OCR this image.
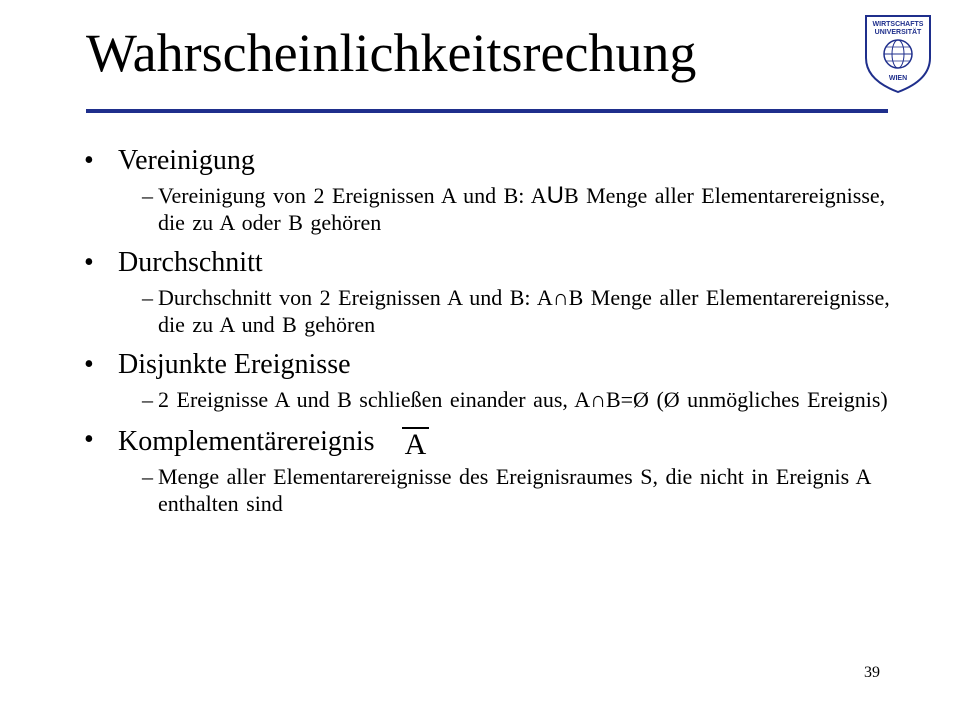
Wahrscheinlichkeitsrechung	WIRTSCHAFTS
UNIVERSITÄT
WIEN
• Vereinigung
– Vereinigung von 2 Ereignissen A und B: AUB Menge aller Elementarereignisse, die zu A oder B gehören
• Durchschnitt
– Durchschnitt von 2 Ereignissen A und B: A∩B Menge aller Elementarereignisse, die zu A und B gehören
• Disjunkte Ereignisse
– 2 Ereignisse A und B schließen einander aus, A∩B=Ø (Ø unmögliches Ereignis)
• Komplementärereignis A
– Menge aller Elementarereignisse des Ereignisraumes S, die nicht in Ereignis A enthalten sind
39
